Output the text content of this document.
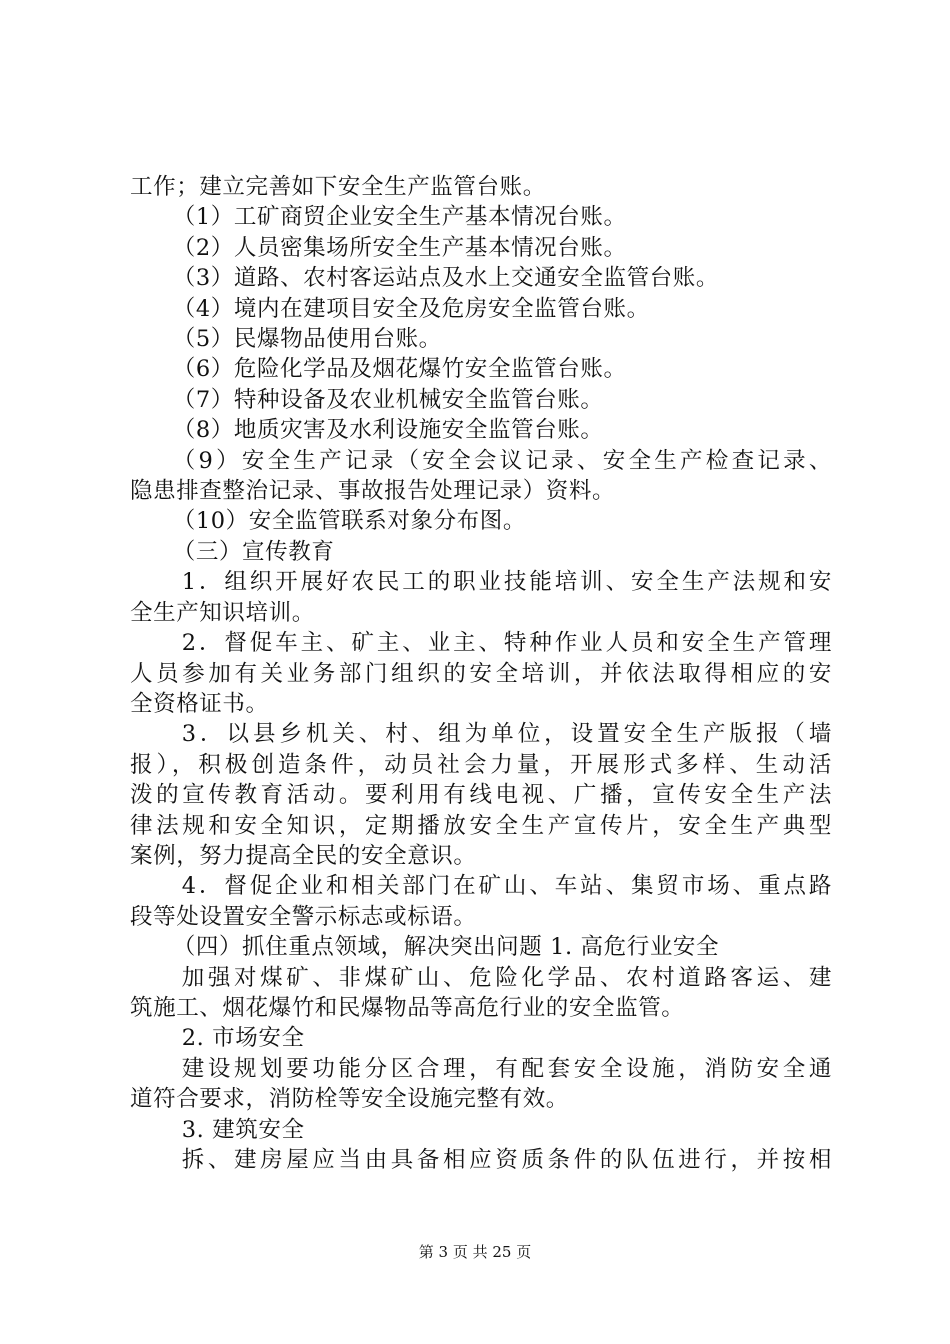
工作；建立完善如下安全生产监管台账。

（1）工矿商贸企业安全生产基本情况台账。

（2）人员密集场所安全生产基本情况台账。

（3）道路、农村客运站点及水上交通安全监管台账。

（4）境内在建项目安全及危房安全监管台账。

（5）民爆物品使用台账。

（6）危险化学品及烟花爆竹安全监管台账。

（7）特种设备及农业机械安全监管台账。

（8）地质灾害及水利设施安全监管台账。

（9）安全生产记录（安全会议记录、安全生产检查记录、

隐患排查整治记录、事故报告处理记录）资料。

（10）安全监管联系对象分布图。

（三）宣传教育

1．组织开展好农民工的职业技能培训、安全生产法规和安

全生产知识培训。

2．督促车主、矿主、业主、特种作业人员和安全生产管理

人员参加有关业务部门组织的安全培训，并依法取得相应的安

全资格证书。

3．以县乡机关、村、组为单位，设置安全生产版报（墙

报），积极创造条件，动员社会力量，开展形式多样、生动活

泼的宣传教育活动。要利用有线电视、广播，宣传安全生产法

律法规和安全知识，定期播放安全生产宣传片，安全生产典型

案例，努力提高全民的安全意识。

4．督促企业和相关部门在矿山、车站、集贸市场、重点路

段等处设置安全警示标志或标语。

（四）抓住重点领域，解决突出问题 1. 高危行业安全

加强对煤矿、非煤矿山、危险化学品、农村道路客运、建

筑施工、烟花爆竹和民爆物品等高危行业的安全监管。

2. 市场安全

建设规划要功能分区合理，有配套安全设施，消防安全通

道符合要求，消防栓等安全设施完整有效。

3. 建筑安全

拆、建房屋应当由具备相应资质条件的队伍进行，并按相

第 3 页 共 25 页
